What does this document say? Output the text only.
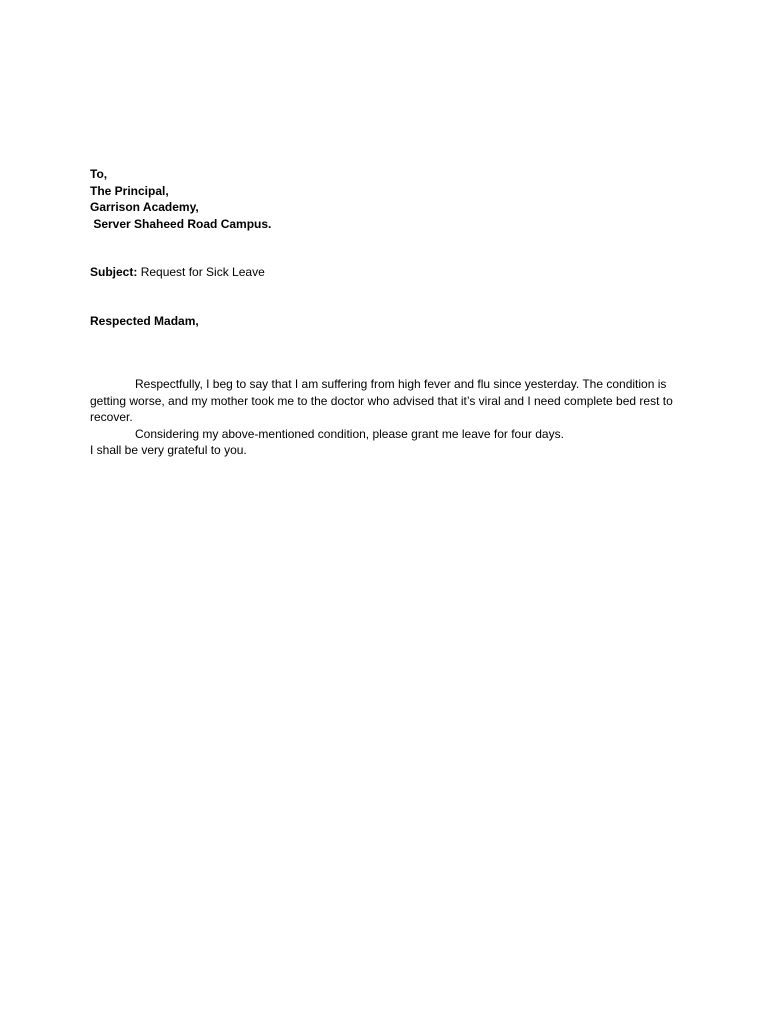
To,
The Principal,
Garrison Academy,
Server Shaheed Road Campus.
Subject: Request for Sick Leave
Respected Madam,
Respectfully, I beg to say that I am suffering from high fever and flu since yesterday. The condition is getting worse, and my mother took me to the doctor who advised that it’s viral and I need complete bed rest to recover.
Considering my above-mentioned condition, please grant me leave for four days.
I shall be very grateful to you.
